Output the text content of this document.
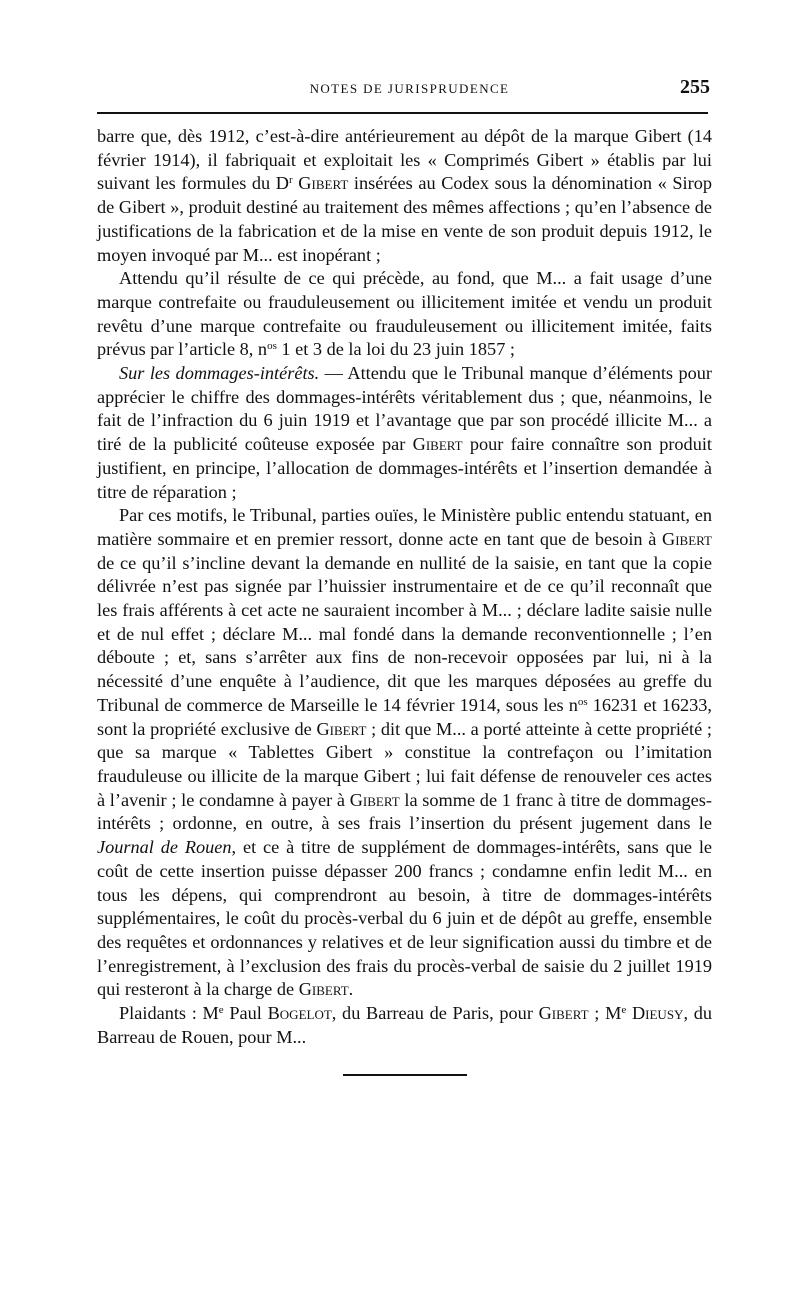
NOTES DE JURISPRUDENCE	255

barre que, dès 1912, c’est-à-dire antérieurement au dépôt de la marque Gibert (14 février 1914), il fabriquait et exploitait les « Comprimés Gibert » établis par lui suivant les formules du $D^r$ Gibert insérées au Codex sous la dénomination « Sirop de Gibert », produit destiné au traitement des mêmes affections ; qu’en l’absence de justifications de la fabrication et de la mise en vente de son produit depuis 1912, le moyen invoqué par M... est inopérant ;

Attendu qu’il résulte de ce qui précède, au fond, que M... a fait usage d’une marque contrefaite ou frauduleusement ou illicitement imitée et vendu un produit revêtu d’une marque contrefaite ou frauduleusement ou illicitement imitée, faits prévus par l’article 8, $n^{os}$ 1 et 3 de la loi du 23 juin 1857 ;

Sur les dommages-intérêts. — Attendu que le Tribunal manque d’éléments pour apprécier le chiffre des dommages-intérêts véritablement dus ; que, néanmoins, le fait de l’infraction du 6 juin 1919 et l’avantage que par son procédé illicite M... a tiré de la publicité coûteuse exposée par Gibert pour faire connaître son produit justifient, en principe, l’allocation de dommages-intérêts et l’insertion demandée à titre de réparation ;

Par ces motifs, le Tribunal, parties ouïes, le Ministère public entendu statuant, en matière sommaire et en premier ressort, donne acte en tant que de besoin à Gibert de ce qu’il s’incline devant la demande en nullité de la saisie, en tant que la copie délivrée n’est pas signée par l’huissier instrumentaire et de ce qu’il reconnaît que les frais afférents à cet acte ne sauraient incomber à M... ; déclare ladite saisie nulle et de nul effet ; déclare M... mal fondé dans la demande reconventionnelle ; l’en déboute ; et, sans s’arrêter aux fins de non-recevoir opposées par lui, ni à la nécessité d’une enquête à l’audience, dit que les marques déposées au greffe du Tribunal de commerce de Marseille le 14 février 1914, sous les $n^{os}$ 16231 et 16233, sont la propriété exclusive de Gibert ; dit que M... a porté atteinte à cette propriété ; que sa marque « Tablettes Gibert » constitue la contrefaçon ou l’imitation frauduleuse ou illicite de la marque Gibert ; lui fait défense de renouveler ces actes à l’avenir ; le condamne à payer à Gibert la somme de 1 franc à titre de dommages-intérêts ; ordonne, en outre, à ses frais l’insertion du présent jugement dans le Journal de Rouen, et ce à titre de supplément de dommages-intérêts, sans que le coût de cette insertion puisse dépasser 200 francs ; condamne enfin ledit M... en tous les dépens, qui comprendront au besoin, à titre de dommages-intérêts supplémentaires, le coût du procès-verbal du 6 juin et de dépôt au greffe, ensemble des requêtes et ordonnances y relatives et de leur signification aussi du timbre et de l’enregistrement, à l’exclusion des frais du procès-verbal de saisie du 2 juillet 1919 qui resteront à la charge de Gibert.

Plaidants : Me Paul Bogelot, du Barreau de Paris, pour Gibert ; Me Dieusy, du Barreau de Rouen, pour M...
